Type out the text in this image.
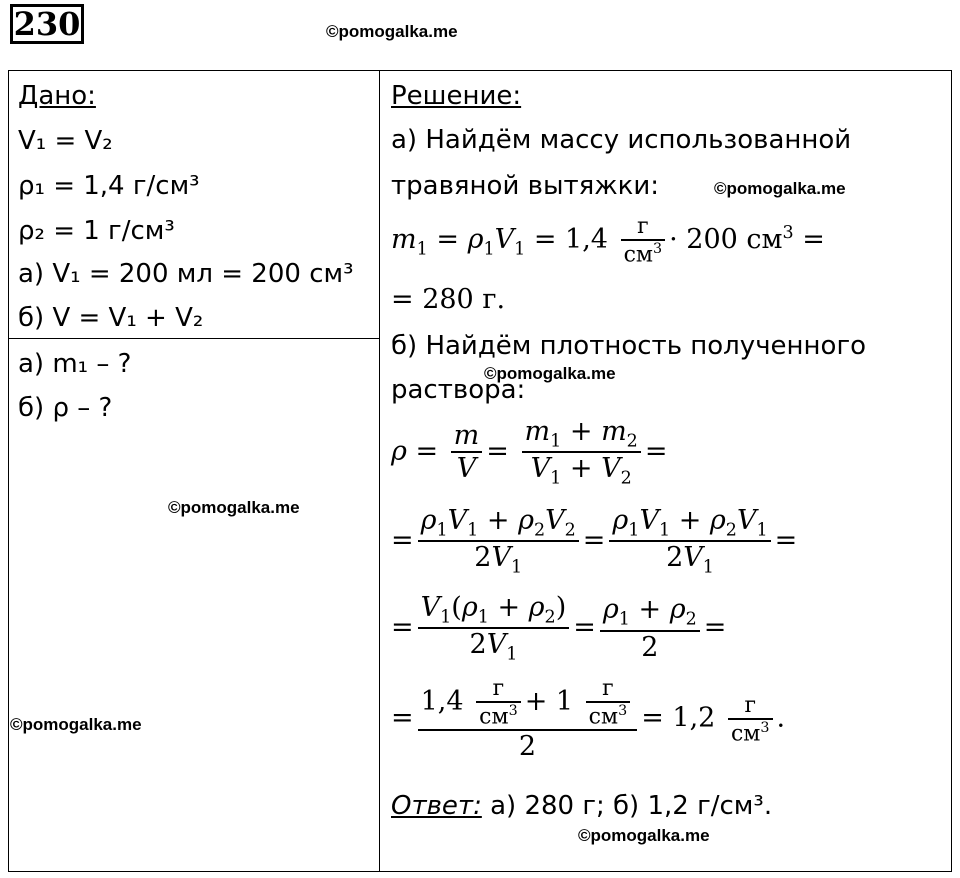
230	©pomogalka.me
Дано:
V₁ = V₂
ρ₁ = 1,4 г/см³
ρ₂ = 1 г/см³
а) V₁ = 200 мл = 200 см³
б) V = V₁ + V₂
а) m₁ – ?
б) ρ – ?
©pomogalka.me
©pomogalka.me
Решение:
а) Найдём массу использованной
травяной вытяжки:	©pomogalka.me
$m_1 = \rho_1V_1 = 1,4$ г
$см^3 \cdot 200$ $см^3$ =
= 280 г.
б) Найдём плотность полученного
раствора:
©pomogalka.me
$\rho = \frac{m}{V} = \frac{m_1 + m_2}{V_1 + V_2}$ =
= $\frac{\rho_1V_1 + \rho_2V_2}{2V_1} = \frac{\rho_1V_1 + \rho_2V_1}{2V_1}$ =
= $\frac{V_1(\rho_1 + \rho_2)}{2V_1} = \frac{\rho_1 + \rho_2}{2}$ =
=
1,4 г
$см^3 + 1$ г
$см^3$
2
= 1,2 г
$см^3$ .
Ответ: а) 280 г; б) 1,2 г/см³.
©pomogalka.me
